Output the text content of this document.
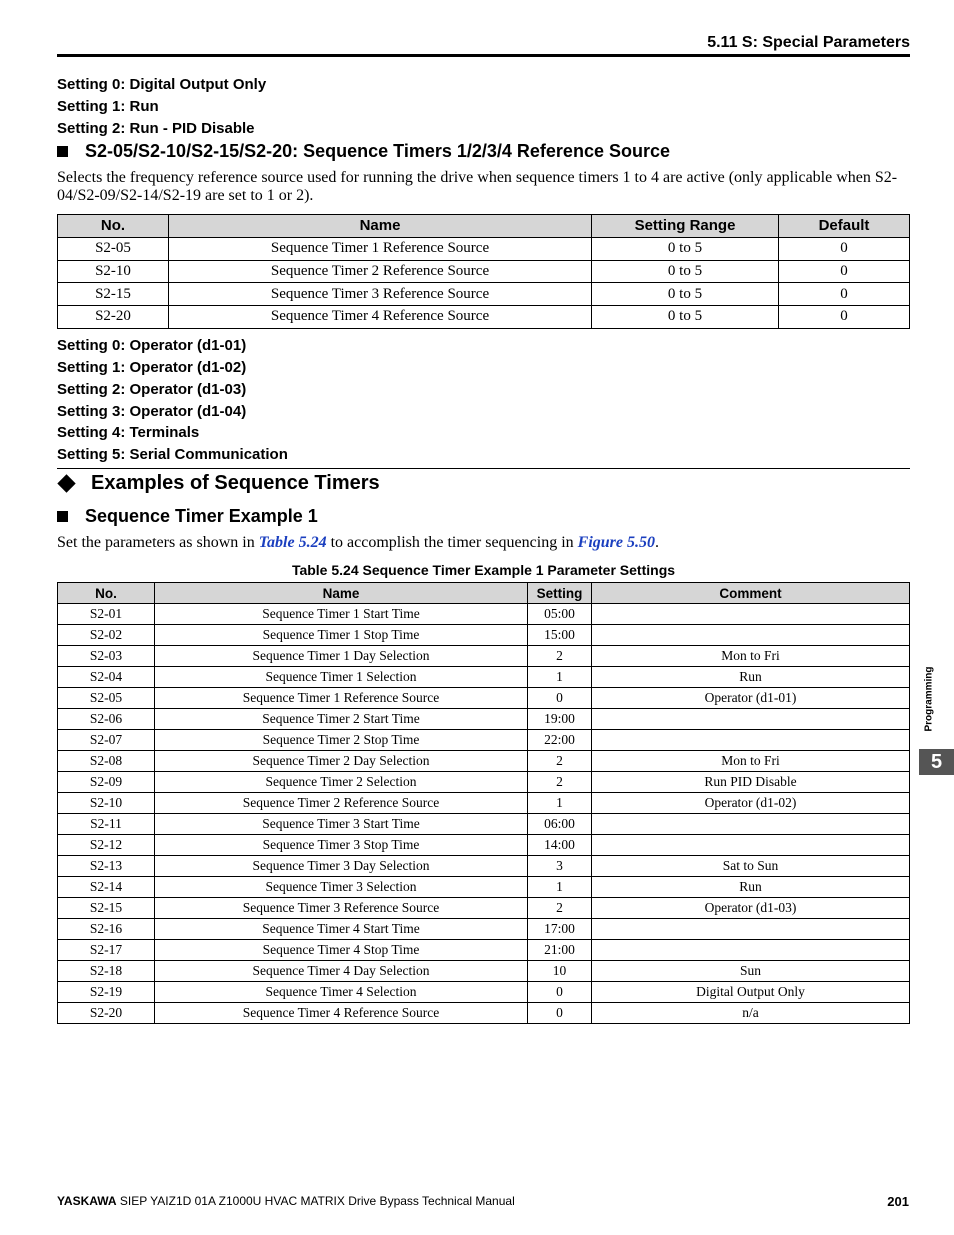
5.11 S: Special Parameters
Setting 0: Digital Output Only
Setting 1: Run
Setting 2: Run - PID Disable
S2-05/S2-10/S2-15/S2-20: Sequence Timers 1/2/3/4 Reference Source
Selects the frequency reference source used for running the drive when sequence timers 1 to 4 are active (only applicable when S2-04/S2-09/S2-14/S2-19 are set to 1 or 2).
No.	Name	Setting Range	Default
S2-05	Sequence Timer 1 Reference Source	0 to 5	0
S2-10	Sequence Timer 2 Reference Source	0 to 5	0
S2-15	Sequence Timer 3 Reference Source	0 to 5	0
S2-20	Sequence Timer 4 Reference Source	0 to 5	0
Setting 0: Operator (d1-01)
Setting 1: Operator (d1-02)
Setting 2: Operator (d1-03)
Setting 3: Operator (d1-04)
Setting 4: Terminals
Setting 5: Serial Communication
Examples of Sequence Timers
Sequence Timer Example 1
Set the parameters as shown in Table 5.24 to accomplish the timer sequencing in Figure 5.50.
Table 5.24 Sequence Timer Example 1 Parameter Settings
No.	Name	Setting	Comment
S2-01	Sequence Timer 1 Start Time	05:00	
S2-02	Sequence Timer 1 Stop Time	15:00	
S2-03	Sequence Timer 1 Day Selection	2	Mon to Fri
S2-04	Sequence Timer 1 Selection	1	Run
S2-05	Sequence Timer 1 Reference Source	0	Operator (d1-01)
S2-06	Sequence Timer 2 Start Time	19:00	
S2-07	Sequence Timer 2 Stop Time	22:00	
S2-08	Sequence Timer 2 Day Selection	2	Mon to Fri
S2-09	Sequence Timer 2 Selection	2	Run PID Disable
S2-10	Sequence Timer 2 Reference Source	1	Operator (d1-02)
S2-11	Sequence Timer 3 Start Time	06:00	
S2-12	Sequence Timer 3 Stop Time	14:00	
S2-13	Sequence Timer 3 Day Selection	3	Sat to Sun
S2-14	Sequence Timer 3 Selection	1	Run
S2-15	Sequence Timer 3 Reference Source	2	Operator (d1-03)
S2-16	Sequence Timer 4 Start Time	17:00	
S2-17	Sequence Timer 4 Stop Time	21:00	
S2-18	Sequence Timer 4 Day Selection	10	Sun
S2-19	Sequence Timer 4 Selection	0	Digital Output Only
S2-20	Sequence Timer 4 Reference Source	0	n/a
Programming
5
YASKAWA SIEP YAIZ1D 01A Z1000U HVAC MATRIX Drive Bypass Technical Manual	201
